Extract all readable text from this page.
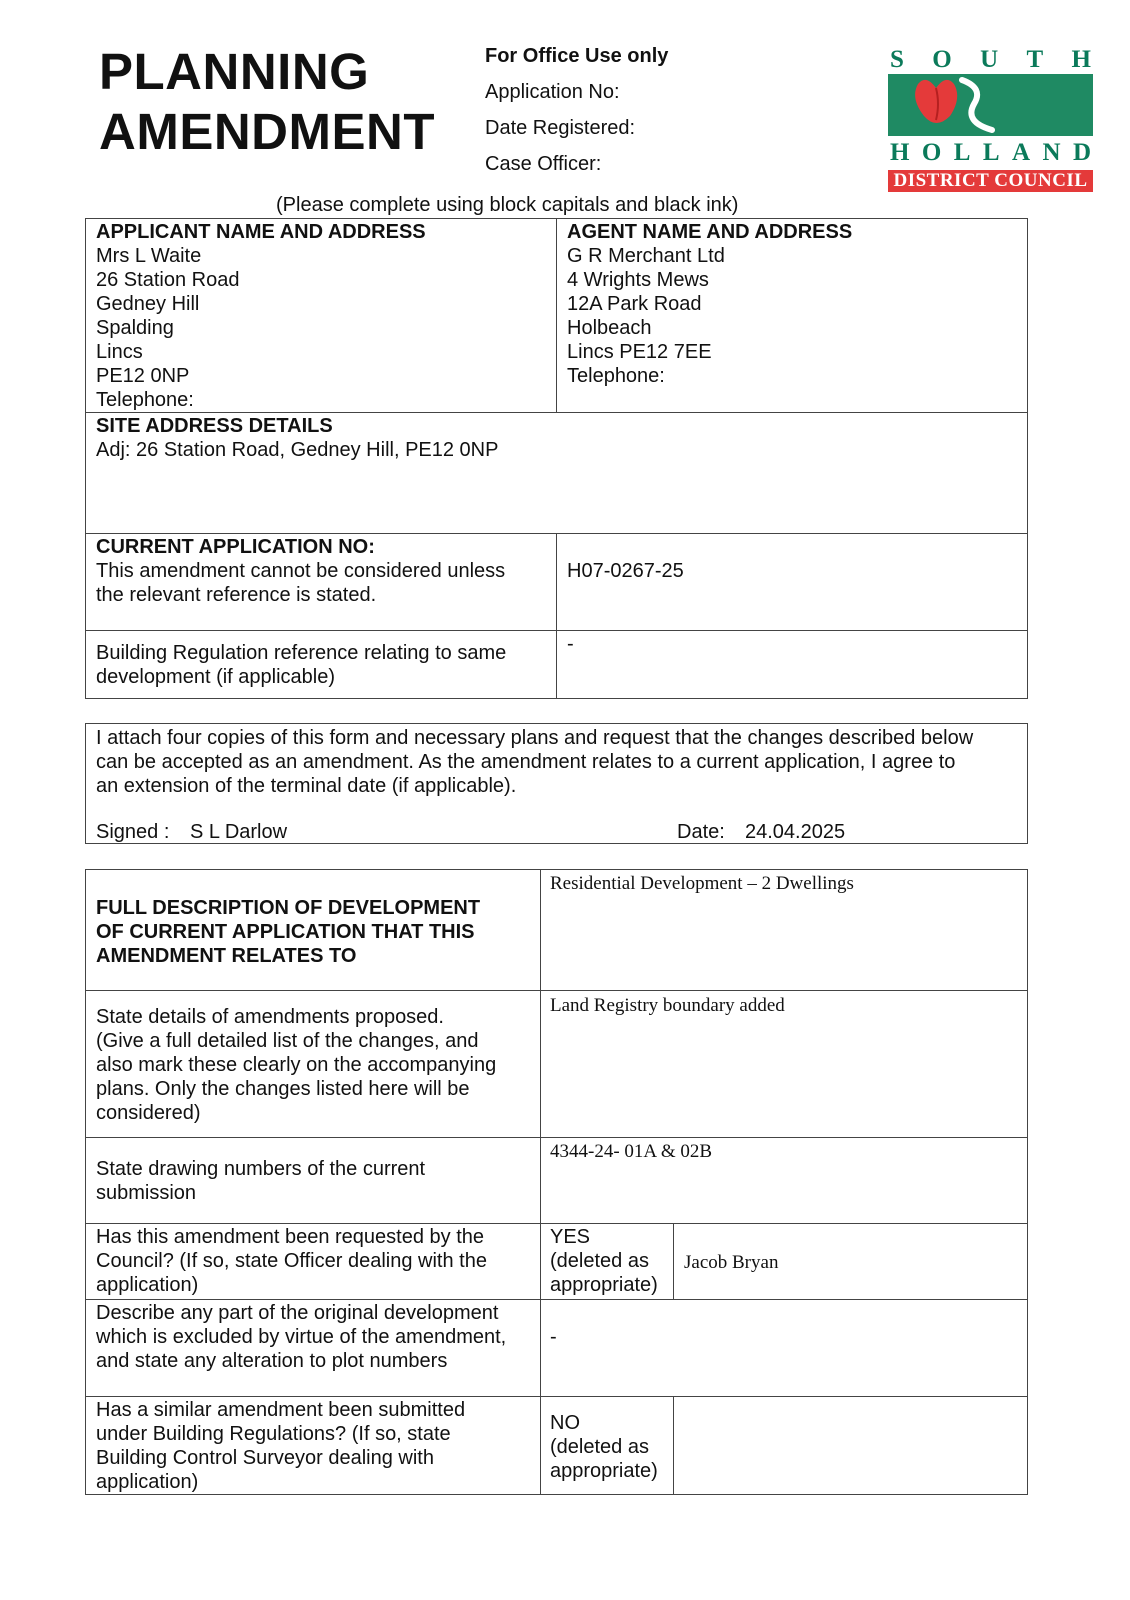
PLANNING
AMENDMENT
For Office Use only
Application No:
Date Registered:
Case Officer:
S O U T H
H O L L A N D
DISTRICT COUNCIL
(Please complete using block capitals and black ink)
APPLICANT NAME AND ADDRESS
Mrs L Waite
26 Station Road
Gedney Hill
Spalding
Lincs
PE12 0NP
Telephone:
AGENT NAME AND ADDRESS
G R Merchant Ltd
4 Wrights Mews
12A Park Road
Holbeach
Lincs PE12 7EE
Telephone:
SITE ADDRESS DETAILS
Adj: 26 Station Road, Gedney Hill, PE12 0NP
CURRENT APPLICATION NO:
This amendment cannot be considered unless
the relevant reference is stated.
H07-0267-25
Building Regulation reference relating to same
development (if applicable)
-
I attach four copies of this form and necessary plans and request that the changes described below
can be accepted as an amendment. As the amendment relates to a current application, I agree to
an extension of the terminal date (if applicable).
Signed : S L Darlow	Date: 24.04.2025
FULL DESCRIPTION OF DEVELOPMENT
OF CURRENT APPLICATION THAT THIS
AMENDMENT RELATES TO
Residential Development – 2 Dwellings
State details of amendments proposed.
(Give a full detailed list of the changes, and
also mark these clearly on the accompanying
plans. Only the changes listed here will be
considered)
Land Registry boundary added
State drawing numbers of the current
submission
4344-24- 01A & 02B
Has this amendment been requested by the
Council? (If so, state Officer dealing with the
application)
YES
(deleted as
appropriate)
Jacob Bryan
Describe any part of the original development
which is excluded by virtue of the amendment,
and state any alteration to plot numbers
-
Has a similar amendment been submitted
under Building Regulations? (If so, state
Building Control Surveyor dealing with
application)
NO
(deleted as
appropriate)
